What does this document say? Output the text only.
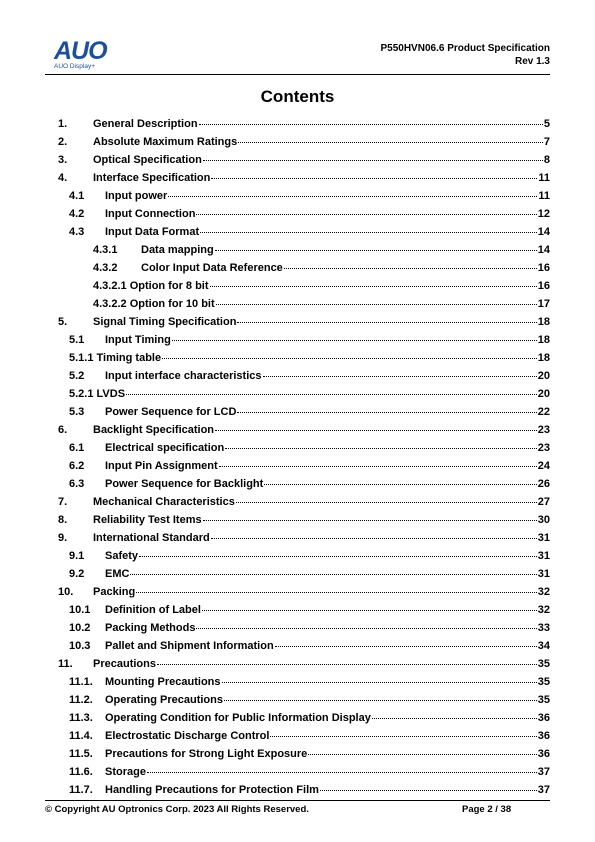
AUO
AUO Display+
P550HVN06.6 Product Specification
Rev 1.3
Contents
1.	General Description	5
2.	Absolute Maximum Ratings	7
3.	Optical Specification	8
4.	Interface Specification	11
4.1	Input power	11
4.2	Input Connection	12
4.3	Input Data Format	14
4.3.1	Data mapping	14
4.3.2	Color Input Data Reference	16
4.3.2.1 Option for 8 bit	16
4.3.2.2 Option for 10 bit	17
5.	Signal Timing Specification	18
5.1	Input Timing	18
5.1.1 Timing table	18
5.2	Input interface characteristics	20
5.2.1 LVDS	20
5.3	Power Sequence for LCD	22
6.	Backlight Specification	23
6.1	Electrical specification	23
6.2	Input Pin Assignment	24
6.3	Power Sequence for Backlight	26
7.	Mechanical Characteristics	27
8.	Reliability Test Items	30
9.	International Standard	31
9.1	Safety	31
9.2	EMC	31
10.	Packing	32
10.1	Definition of Label	32
10.2	Packing Methods	33
10.3	Pallet and Shipment Information	34
11.	Precautions	35
11.1.	Mounting Precautions	35
11.2.	Operating Precautions	35
11.3.	Operating Condition for Public Information Display	36
11.4.	Electrostatic Discharge Control	36
11.5.	Precautions for Strong Light Exposure	36
11.6.	Storage	37
11.7.	Handling Precautions for Protection Film	37
© Copyright AU Optronics Corp. 2023 All Rights Reserved.	Page 2 / 38
